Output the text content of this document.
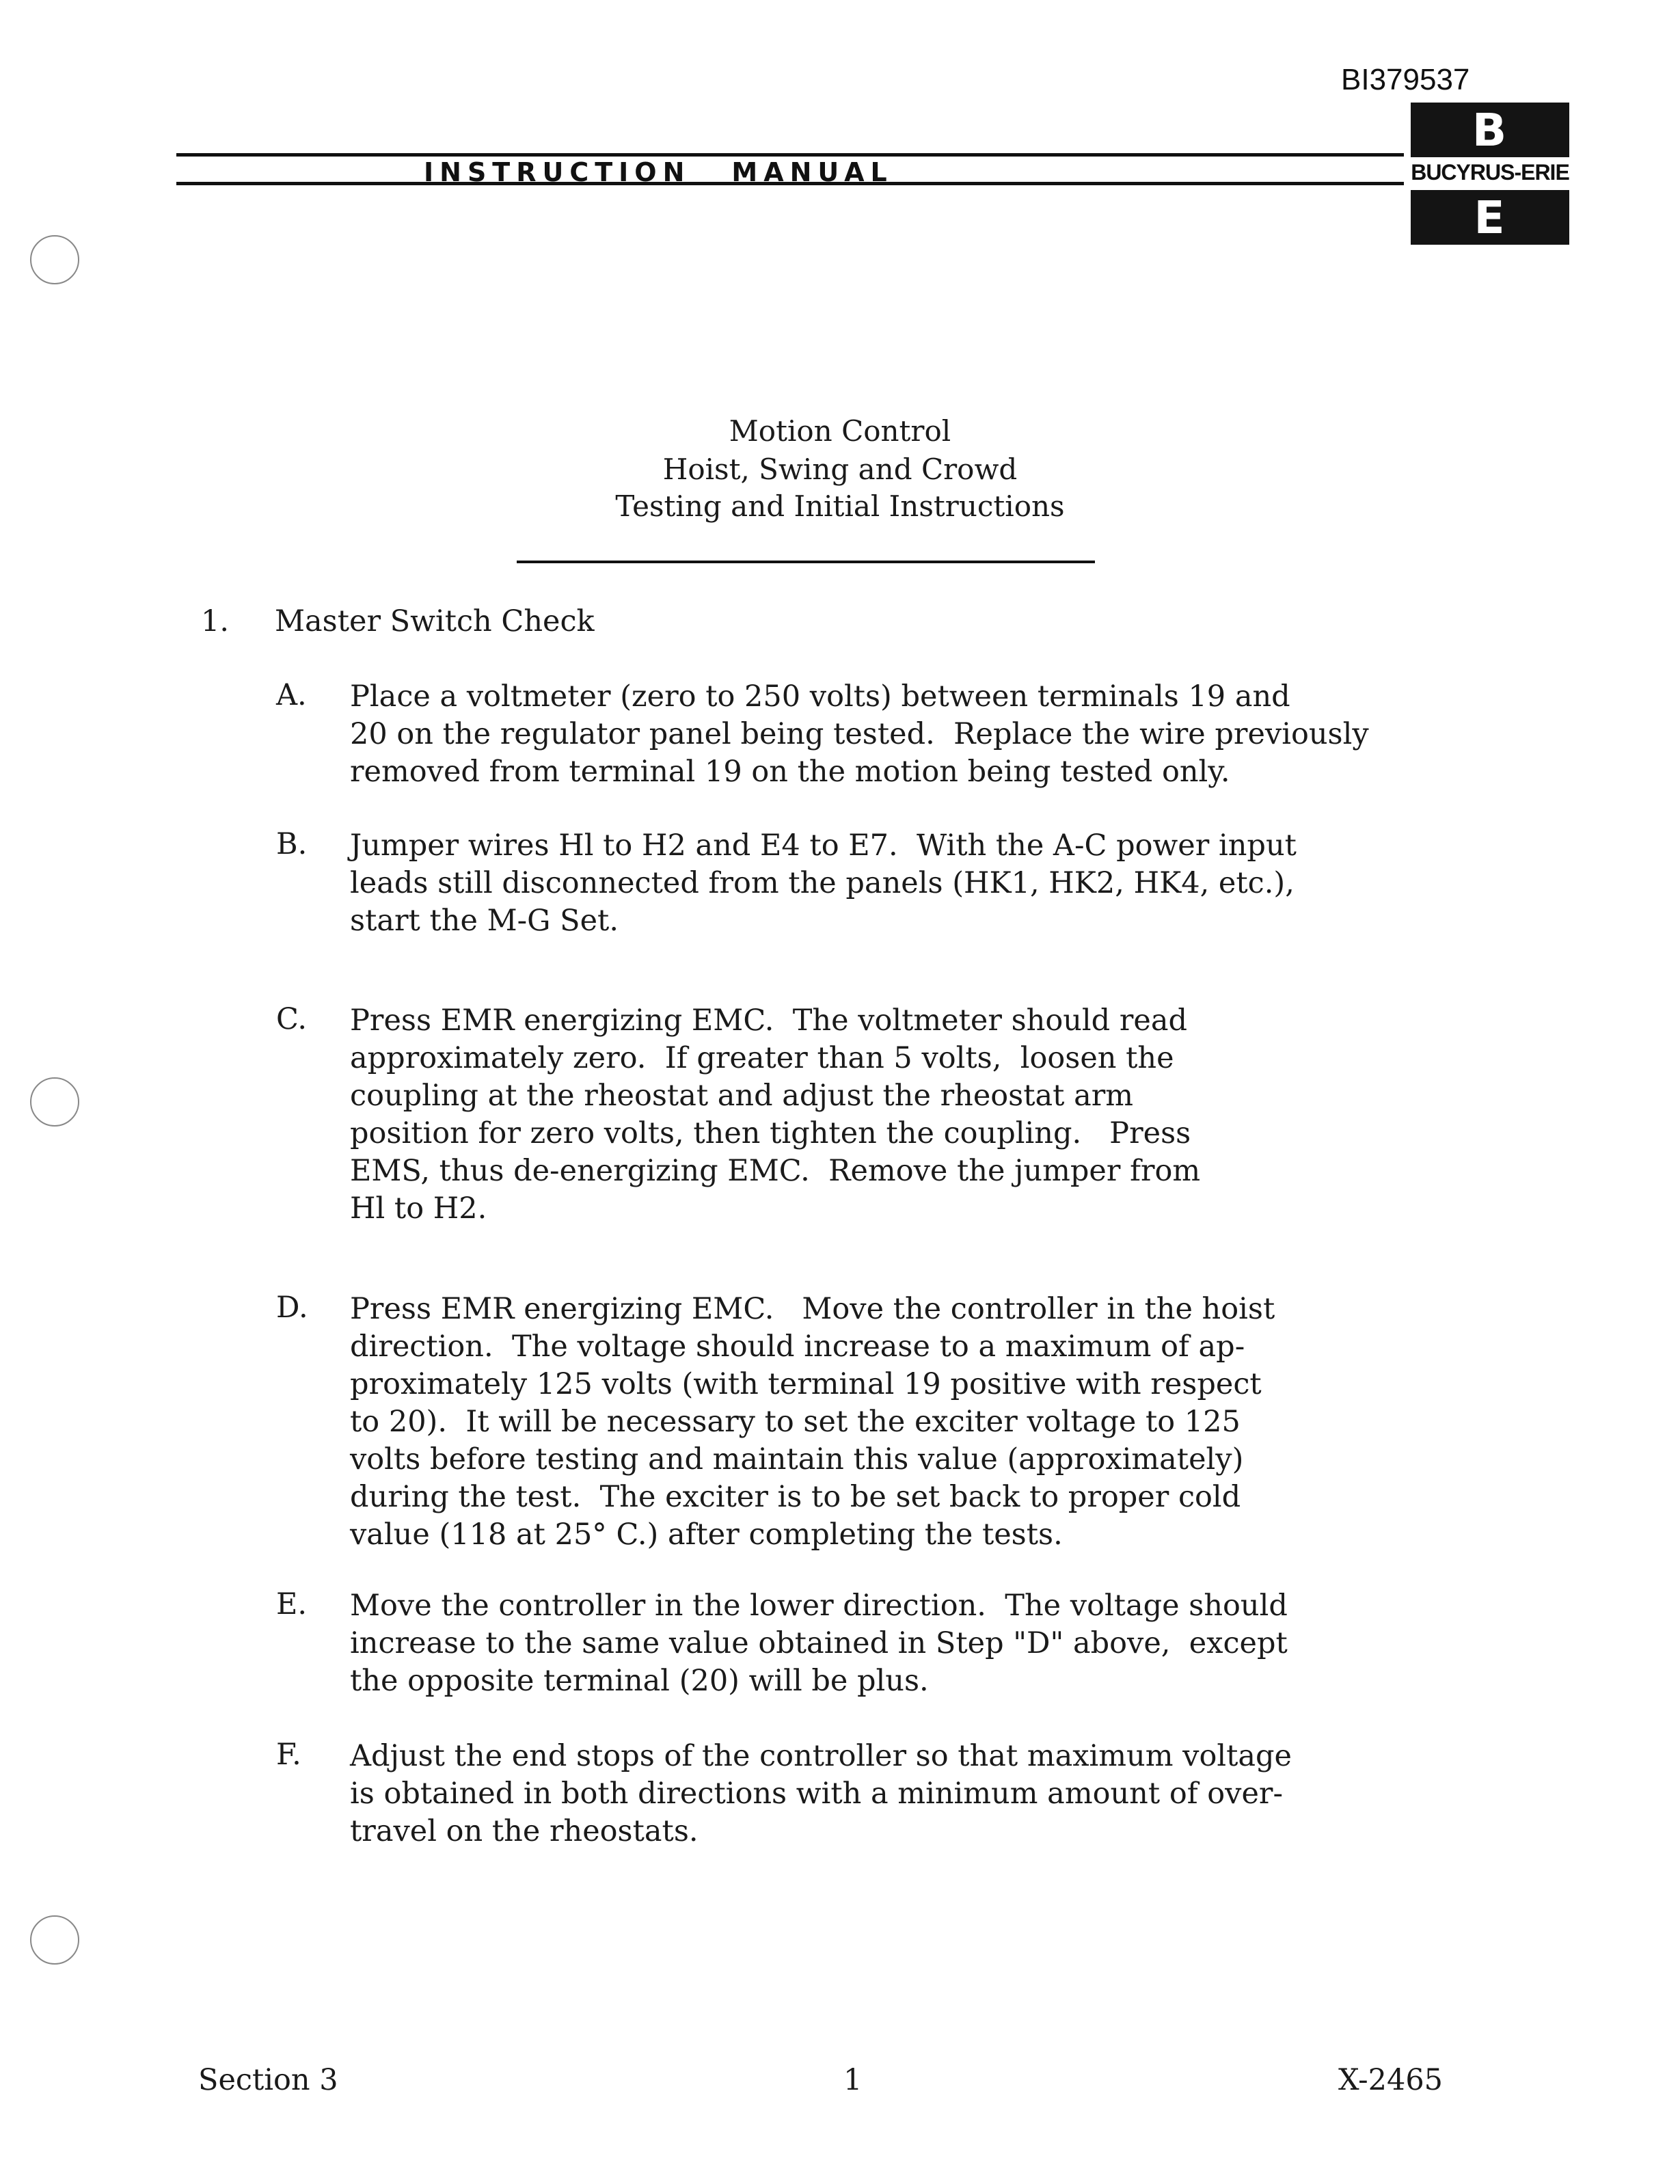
BI379537
INSTRUCTION MANUAL
B
BUCYRUS-ERIE
E
Motion Control
Hoist, Swing and Crowd
Testing and Initial Instructions
1. Master Switch Check
A. Place a voltmeter (zero to 250 volts) between terminals 19 and
20 on the regulator panel being tested.  Replace the wire previously
removed from terminal 19 on the motion being tested only.
B. Jumper wires Hl to H2 and E4 to E7.  With the A-C power input
leads still disconnected from the panels (HK1, HK2, HK4, etc.),
start the M-G Set.
C. Press EMR energizing EMC.  The voltmeter should read
approximately zero.  If greater than 5 volts,  loosen the
coupling at the rheostat and adjust the rheostat arm
position for zero volts, then tighten the coupling.   Press
EMS, thus de-energizing EMC.  Remove the jumper from
Hl to H2.
D. Press EMR energizing EMC.   Move the controller in the hoist
direction.  The voltage should increase to a maximum of ap-
proximately 125 volts (with terminal 19 positive with respect
to 20).  It will be necessary to set the exciter voltage to 125
volts before testing and maintain this value (approximately)
during the test.  The exciter is to be set back to proper cold
value (118 at 25° C.) after completing the tests.
E. Move the controller in the lower direction.  The voltage should
increase to the same value obtained in Step "D" above,  except
the opposite terminal (20) will be plus.
F. Adjust the end stops of the controller so that maximum voltage
is obtained in both directions with a minimum amount of over-
travel on the rheostats.
Section 3	1	X-2465
